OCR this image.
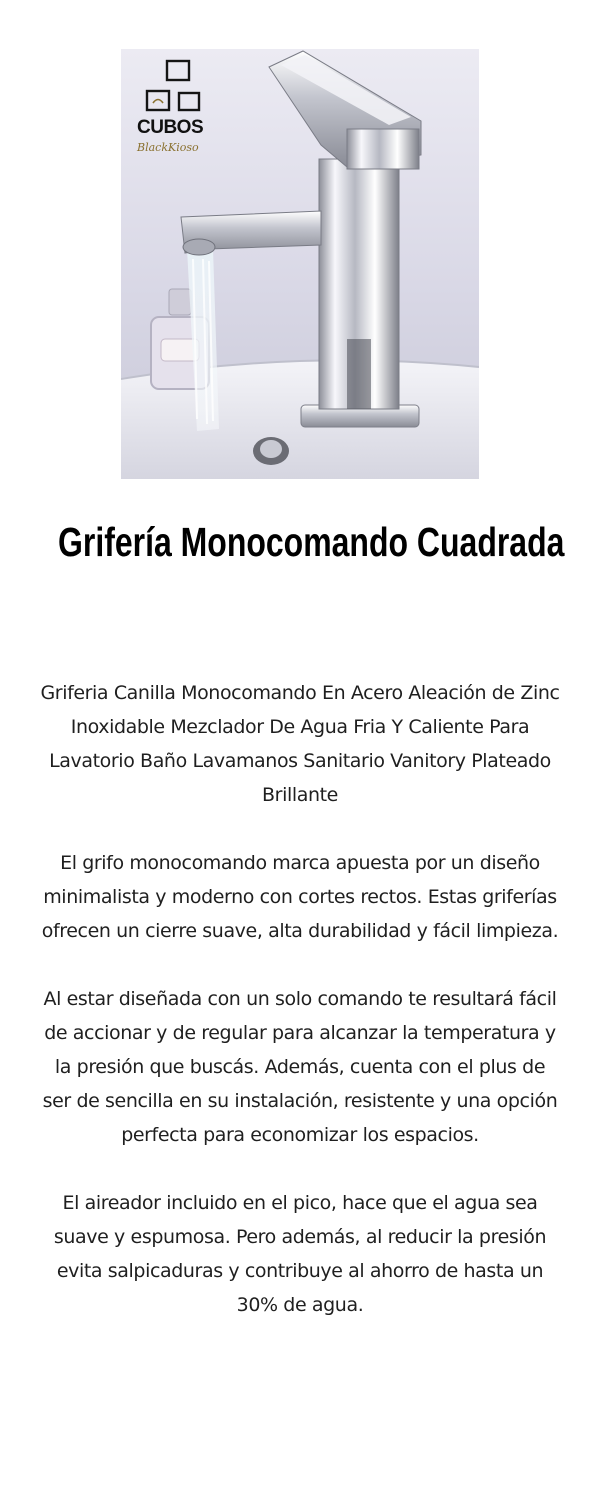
CUBOS
BlackKioso
Grifería Monocomando Cuadrada

Griferia Canilla Monocomando En Acero Aleación de Zinc Inoxidable Mezclador De Agua Fria Y Caliente Para Lavatorio Baño Lavamanos Sanitario Vanitory Plateado Brillante

El grifo monocomando marca apuesta por un diseño minimalista y moderno con cortes rectos. Estas griferías ofrecen un cierre suave, alta durabilidad y fácil limpieza.

Al estar diseñada con un solo comando te resultará fácil de accionar y de regular para alcanzar la temperatura y la presión que buscás. Además, cuenta con el plus de ser de sencilla en su instalación, resistente y una opción perfecta para economizar los espacios.

El aireador incluido en el pico, hace que el agua sea suave y espumosa. Pero además, al reducir la presión evita salpicaduras y contribuye al ahorro de hasta un 30% de agua.
